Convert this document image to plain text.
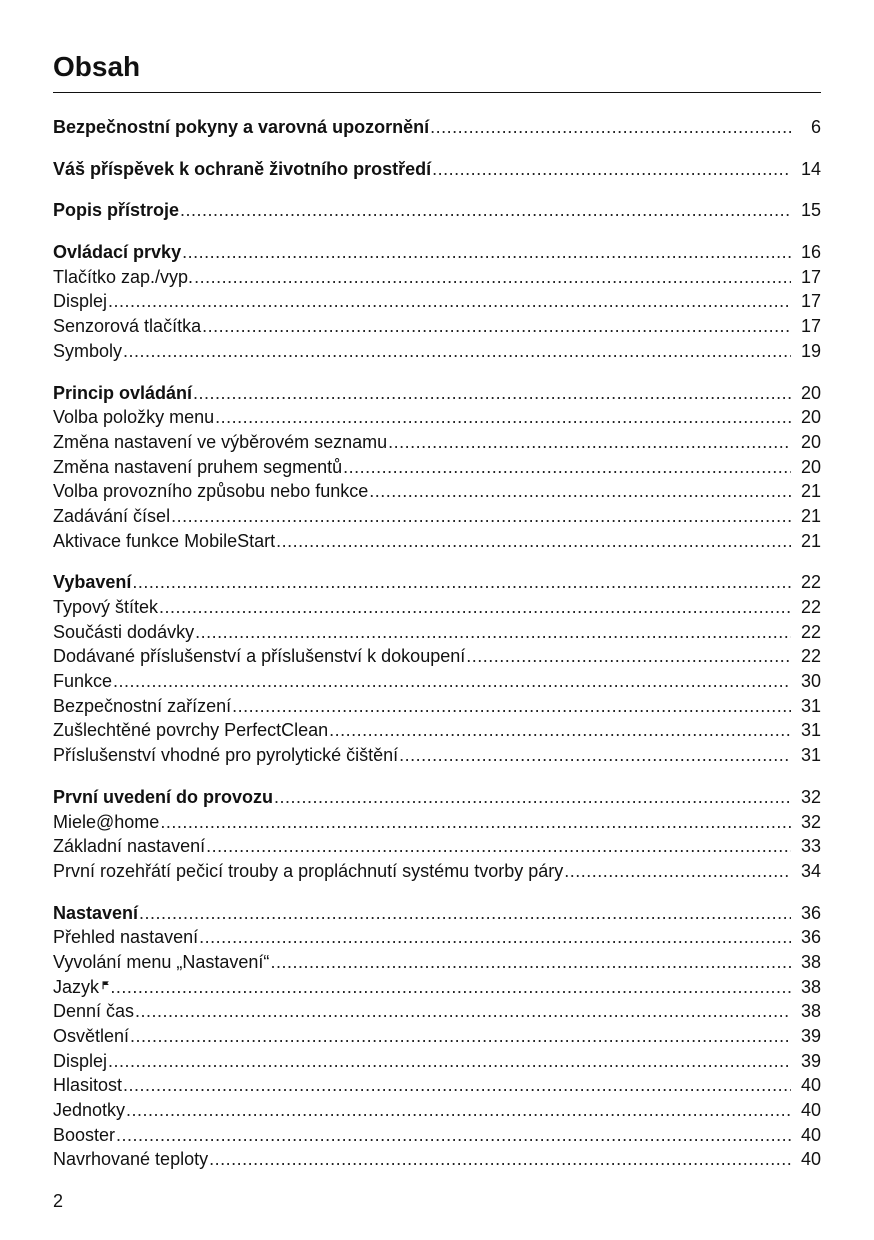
Obsah
Bezpečnostní pokyny a varovná upozornění .....	6
Váš příspěvek k ochraně životního prostředí .....	14
Popis přístroje .....	15
Ovládací prvky .....	16
Tlačítko zap./vyp. .....	17
Displej .....	17
Senzorová tlačítka .....	17
Symboly .....	19
Princip ovládání .....	20
Volba položky menu .....	20
Změna nastavení ve výběrovém seznamu .....	20
Změna nastavení pruhem segmentů .....	20
Volba provozního způsobu nebo funkce .....	21
Zadávání čísel .....	21
Aktivace funkce MobileStart .....	21
Vybavení .....	22
Typový štítek .....	22
Součásti dodávky .....	22
Dodávané příslušenství a příslušenství k dokoupení .....	22
Funkce .....	30
Bezpečnostní zařízení .....	31
Zušlechtěné povrchy PerfectClean .....	31
Příslušenství vhodné pro pyrolytické čištění .....	31
První uvedení do provozu .....	32
Miele@home .....	32
Základní nastavení .....	33
První rozehřátí pečicí trouby a propláchnutí systému tvorby páry .....	34
Nastavení .....	36
Přehled nastavení .....	36
Vyvolání menu „Nastavení“ .....	38
Jazyk .....	38
Denní čas .....	38
Osvětlení .....	39
Displej .....	39
Hlasitost .....	40
Jednotky .....	40
Booster .....	40
Navrhované teploty .....	40
2
